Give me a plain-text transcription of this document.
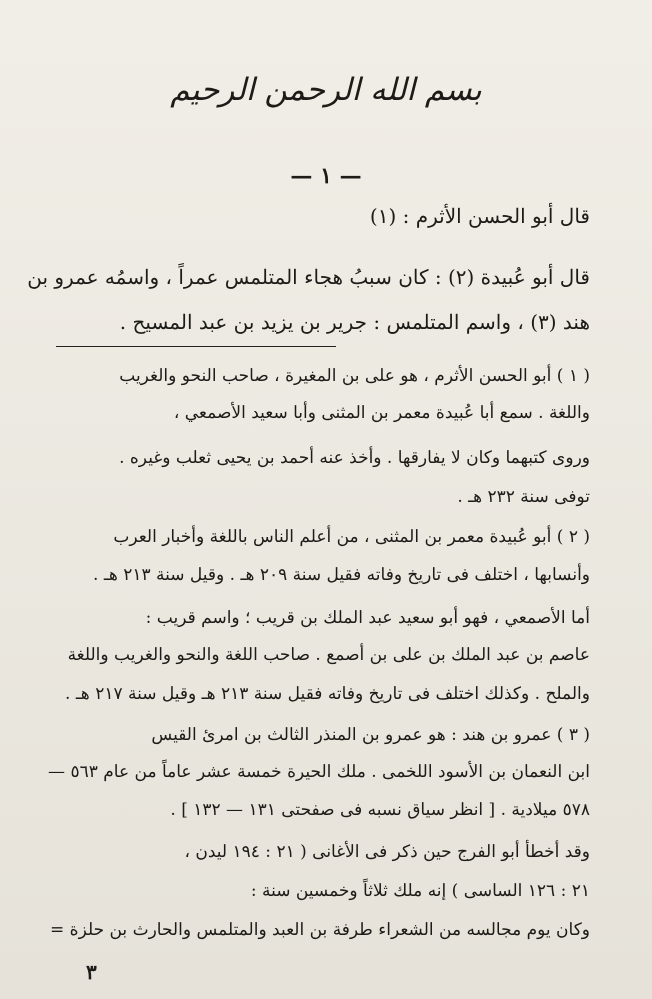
بسم الله الرحمن الرحيم
— ١ —
قال أبو الحسن الأثرم : (١)
قال أبو عُبيدة (٢) : كان سببُ هجاء المتلمس عمراً ، واسمُه عمرو بن
هند (٣) ، واسم المتلمس : جرير بن يزيد بن عبد المسيح .
( ١ ) أبو الحسن الأثرم ، هو على بن المغيرة ، صاحب النحو والغريب
واللغة . سمع أبا عُبيدة معمر بن المثنى وأبا سعيد الأصمعي ،
وروى كتبهما وكان لا يفارقها . وأخذ عنه أحمد بن يحيى ثعلب وغيره .
توفى سنة ٢٣٢ هـ .
( ٢ ) أبو عُبيدة معمر بن المثنى ، من أعلم الناس باللغة وأخبار العرب
وأنسابها ، اختلف فى تاريخ وفاته فقيل سنة ٢٠٩ هـ . وقيل سنة ٢١٣ هـ .
أما الأصمعي ، فهو أبو سعيد عبد الملك بن قريب ؛ واسم قريب :
عاصم بن عبد الملك بن على بن أصمع . صاحب اللغة والنحو والغريب واللغة
والملح . وكذلك اختلف فى تاريخ وفاته فقيل سنة ٢١٣ هـ وقيل سنة ٢١٧ هـ .
( ٣ ) عمرو بن هند : هو عمرو بن المنذر الثالث بن امرئ القيس
ابن النعمان بن الأسود اللخمى . ملك الحيرة خمسة عشر عاماً من عام ٥٦٣ —
٥٧٨ ميلادية . [ انظر سياق نسبه فى صفحتى ١٣١ — ١٣٢ ] .
وقد أخطأ أبو الفرج حين ذكر فى الأغانى ( ٢١ : ١٩٤ ليدن ،
٢١ : ١٢٦ الساسى ) إنه ملك ثلاثاً وخمسين سنة :
وكان يوم مجالسه من الشعراء طرفة بن العبد والمتلمس والحارث بن حلزة =
٣
